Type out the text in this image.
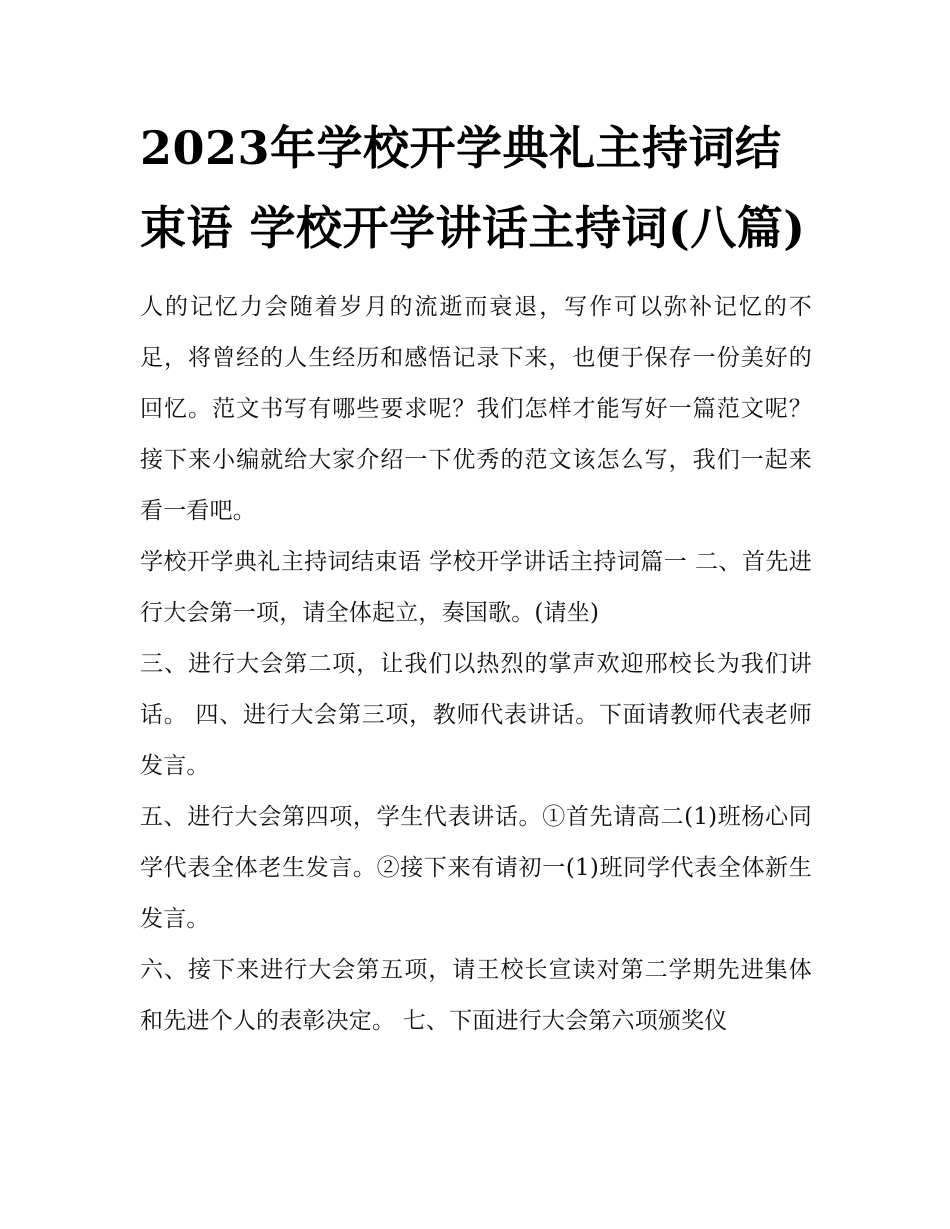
2023年学校开学典礼主持词结束语 学校开学讲话主持词(八篇)

人的记忆力会随着岁月的流逝而衰退，写作可以弥补记忆的不足，将曾经的人生经历和感悟记录下来，也便于保存一份美好的回忆。范文书写有哪些要求呢？我们怎样才能写好一篇范文呢？接下来小编就给大家介绍一下优秀的范文该怎么写，我们一起来看一看吧。

学校开学典礼主持词结束语 学校开学讲话主持词篇一 二、首先进行大会第一项，请全体起立，奏国歌。(请坐)

三、进行大会第二项，让我们以热烈的掌声欢迎邢校长为我们讲话。 四、进行大会第三项，教师代表讲话。下面请教师代表老师发言。

五、进行大会第四项，学生代表讲话。①首先请高二(1)班杨心同学代表全体老生发言。②接下来有请初一(1)班同学代表全体新生发言。

六、接下来进行大会第五项，请王校长宣读对第二学期先进集体和先进个人的表彰决定。 七、下面进行大会第六项颁奖仪
